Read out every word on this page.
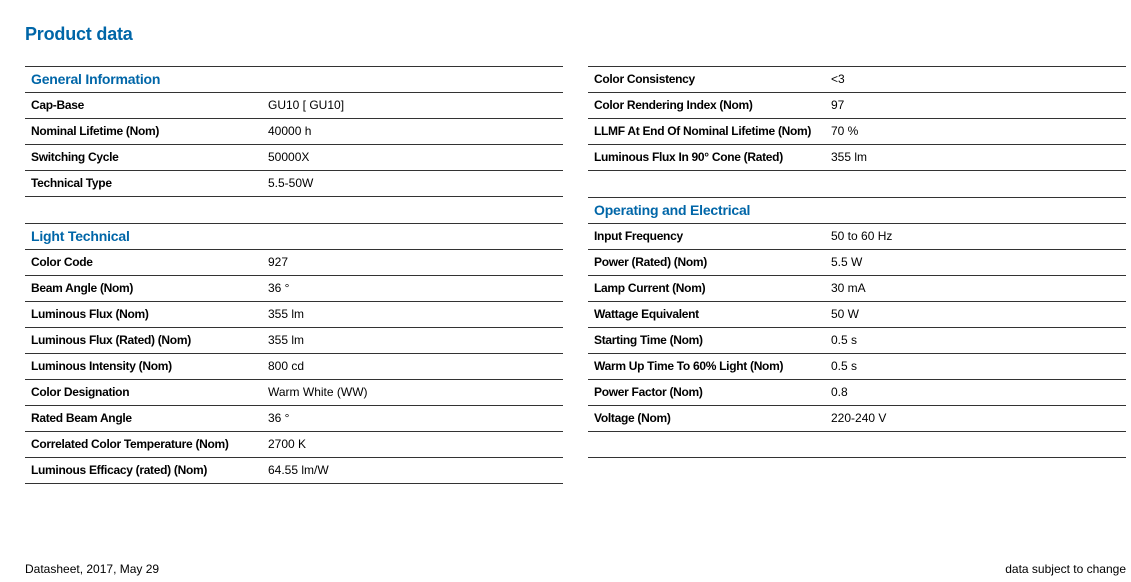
Product data
General Information
Cap-Base	GU10 [ GU10]
Nominal Lifetime (Nom)	40000 h
Switching Cycle	50000X
Technical Type	5.5-50W
Light Technical
Color Code	927
Beam Angle (Nom)	36 °
Luminous Flux (Nom)	355 lm
Luminous Flux (Rated) (Nom)	355 lm
Luminous Intensity (Nom)	800 cd
Color Designation	Warm White (WW)
Rated Beam Angle	36 °
Correlated Color Temperature (Nom)	2700 K
Luminous Efficacy (rated) (Nom)	64.55 lm/W
Color Consistency	<3
Color Rendering Index (Nom)	97
LLMF At End Of Nominal Lifetime (Nom)	70 %
Luminous Flux In 90° Cone (Rated)	355 lm
Operating and Electrical
Input Frequency	50 to 60 Hz
Power (Rated) (Nom)	5.5 W
Lamp Current (Nom)	30 mA
Wattage Equivalent	50 W
Starting Time (Nom)	0.5 s
Warm Up Time To 60% Light (Nom)	0.5 s
Power Factor (Nom)	0.8
Voltage (Nom)	220-240 V
Datasheet, 2017, May 29	data subject to change
